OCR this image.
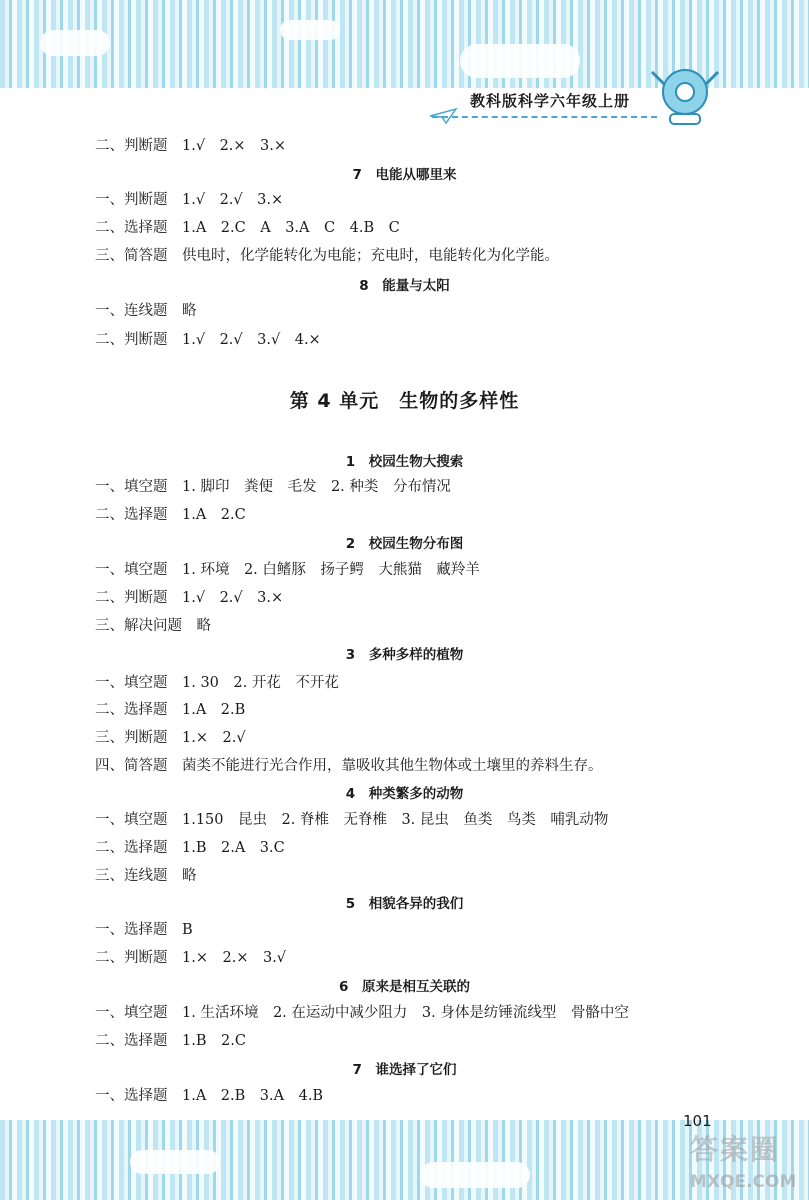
教科版科学六年级上册
二、判断题　1.√　2.×　3.×
7　电能从哪里来
一、判断题　1.√　2.√　3.×
二、选择题　1.A　2.C　A　3.A　C　4.B　C
三、简答题　供电时，化学能转化为电能；充电时，电能转化为化学能。
8　能量与太阳
一、连线题　略
二、判断题　1.√　2.√　3.√　4.×
第 4 单元　生物的多样性
1　校园生物大搜索
一、填空题　1. 脚印　粪便　毛发　2. 种类　分布情况
二、选择题　1.A　2.C
2　校园生物分布图
一、填空题　1. 环境　2. 白鳍豚　扬子鳄　大熊猫　藏羚羊
二、判断题　1.√　2.√　3.×
三、解决问题　略
3　多种多样的植物
一、填空题　1. 30　2. 开花　不开花
二、选择题　1.A　2.B
三、判断题　1.×　2.√
四、简答题　菌类不能进行光合作用，靠吸收其他生物体或土壤里的养料生存。
4　种类繁多的动物
一、填空题　1.150　昆虫　2. 脊椎　无脊椎　3. 昆虫　鱼类　鸟类　哺乳动物
二、选择题　1.B　2.A　3.C
三、连线题　略
5　相貌各异的我们
一、选择题　B
二、判断题　1.×　2.×　3.√
6　原来是相互关联的
一、填空题　1. 生活环境　2. 在运动中减少阻力　3. 身体是纺锤流线型　骨骼中空
二、选择题　1.B　2.C
7　谁选择了它们
一、选择题　1.A　2.B　3.A　4.B
101
答案圈
MXQE.COM
